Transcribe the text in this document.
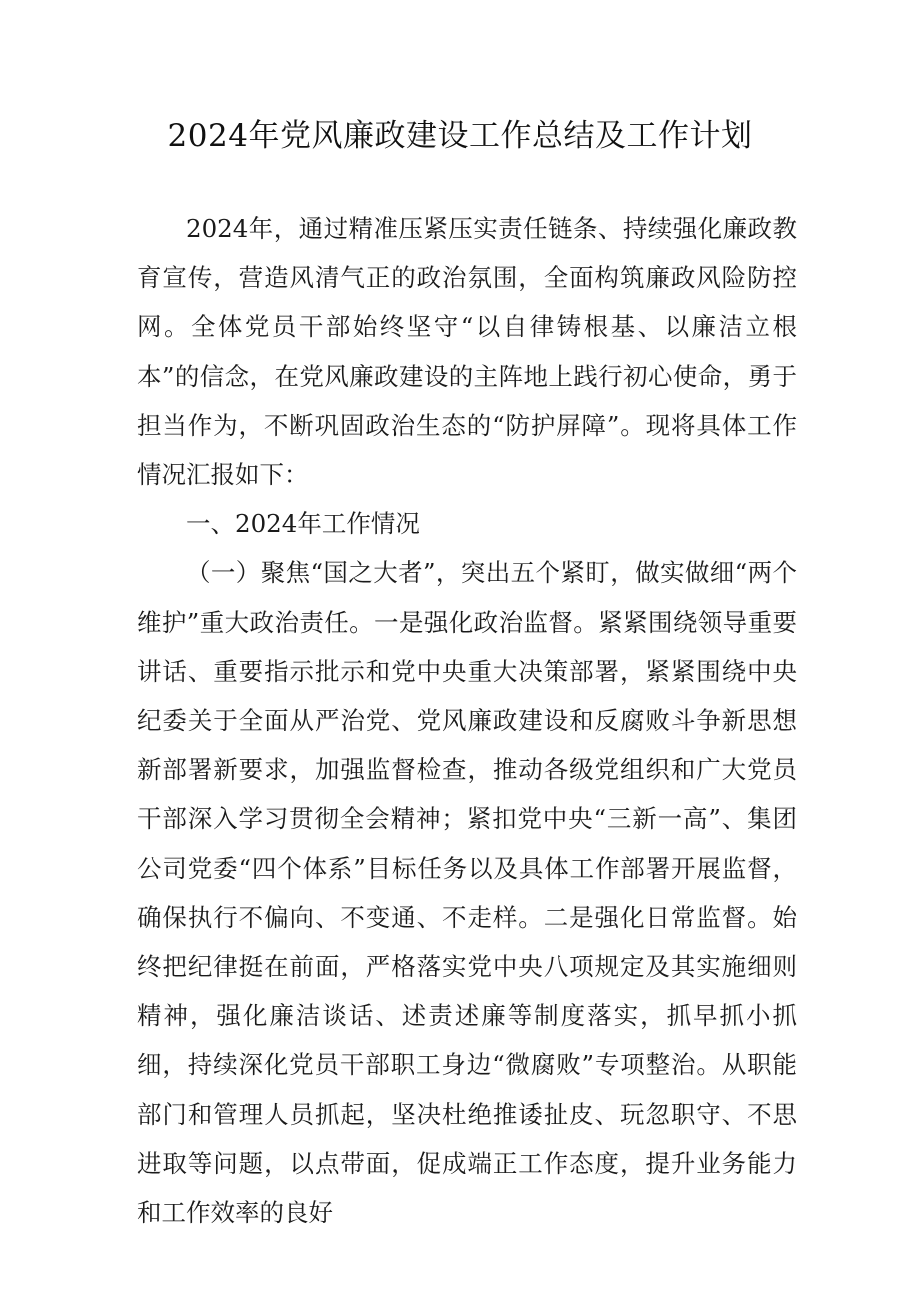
2024年党风廉政建设工作总结及工作计划

2024年，通过精准压紧压实责任链条、持续强化廉政教育宣传，营造风清气正的政治氛围，全面构筑廉政风险防控网。全体党员干部始终坚守“以自律铸根基、以廉洁立根本”的信念，在党风廉政建设的主阵地上践行初心使命，勇于担当作为，不断巩固政治生态的“防护屏障”。现将具体工作情况汇报如下：

一、2024年工作情况

（一）聚焦“国之大者”，突出五个紧盯，做实做细“两个维护”重大政治责任。一是强化政治监督。紧紧围绕领导重要讲话、重要指示批示和党中央重大决策部署，紧紧围绕中央纪委关于全面从严治党、党风廉政建设和反腐败斗争新思想新部署新要求，加强监督检查，推动各级党组织和广大党员干部深入学习贯彻全会精神；紧扣党中央“三新一高”、集团公司党委“四个体系”目标任务以及具体工作部署开展监督，确保执行不偏向、不变通、不走样。二是强化日常监督。始终把纪律挺在前面，严格落实党中央八项规定及其实施细则精神，强化廉洁谈话、述责述廉等制度落实，抓早抓小抓细，持续深化党员干部职工身边“微腐败”专项整治。从职能部门和管理人员抓起，坚决杜绝推诿扯皮、玩忽职守、不思进取等问题，以点带面，促成端正工作态度，提升业务能力和工作效率的良好
